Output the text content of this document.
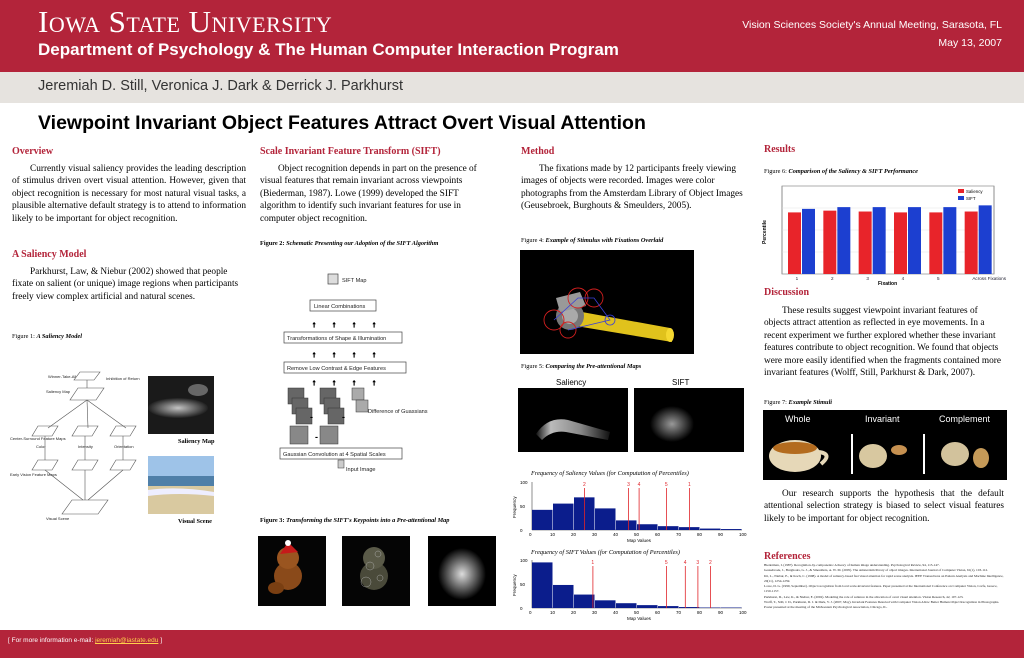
Iowa State University
Department of Psychology & The Human Computer Interaction Program
Vision Sciences Society's Annual Meeting, Sarasota, FL
May 13, 2007
Jeremiah D. Still, Veronica J. Dark & Derrick J. Parkhurst
Viewpoint Invariant Object Features Attract Overt Visual Attention
Overview
Currently visual saliency provides the leading description of stimulus driven overt visual attention. However, given that object recognition is necessary for most natural visual tasks, a plausible alternative default strategy is to attend to information likely to be important for object recognition.
A Saliency Model
Parkhurst, Law, & Niebur (2002) showed that people fixate on salient (or unique) image regions when participants freely view complex artificial and natural scenes.
Figure 1: A Saliency Model
Winner-Take-All	Inhibition of Return
Saliency Map
Center-Surround Feature Maps
Early Vision Feature Maps
Visual Scene
Color	Intensity	Orientation
Saliency Map
Visual Scene
Scale Invariant Feature Transform (SIFT)
Object recognition depends in part on the presence of visual features that remain invariant across viewpoints (Biederman, 1987). Lowe (1999) developed the SIFT algorithm to identify such invariant features for use in computer object recognition.
Figure 2: Schematic Presenting our Adoption of the SIFT Algorithm
SIFT Map
Linear Combinations
Transformations of Shape & Illumination
Remove Low Contrast & Edge Features
Difference of Guassians
Gaussian Convolution at 4 Spatial Scales
Input Image
↑ ↑ ↑ ↑
↑ ↑ ↑ ↑
↑ ↑ ↑ ↑
-	-
-
Figure 3: Transforming the SIFT's Keypoints into a Pre-attentional Map
Method
The fixations made by 12 participants freely viewing images of objects were recorded. Images were color photographs from the Amsterdam Library of Object Images (Geusebroek, Burghouts & Smeulders, 2005).
Figure 4: Example of Stimulus with Fixations Overlaid
Figure 5: Comparing the Pre-attentional Maps
Saliency	SIFT
Frequency of Saliency Values (for Computation of Percentiles)
0	10	20	30	40	50	60	70	80	90	100
0
50
100	1
2	3 4	5
Frequency
Map Values
Frequency of SIFT Values (for Computation of Percentiles)
0	10	20	30	40	50	60	70	80	90	100
0
50
100	1	2
3
4
5
Frequency
Map Values
Results
Figure 6: Comparison of the Saliency & SIFT Performance
1	2	3	4	5	Across Fixations
Percentile
Fixation
Saliency
SIFT
Discussion
These results suggest viewpoint invariant features of objects attract attention as reflected in eye movements. In a recent experiment we further explored whether these invariant features contribute to object recognition. We found that objects were more easily identified when the fragments contained more invariant features (Wolff, Still, Parkhurst & Dark, 2007).
Figure 7: Example Stimuli
Whole	Invariant	Complement
Our research supports the hypothesis that the default attentional selection strategy is biased to select visual features likely to be important for object recognition.
References
Biederman, I. (1987). Recognition-by-components: A theory of human image understanding. Psychological Review, 94, 115-147.
Geusebroek, J., Burghouts, G. J., & Smeulders, A. W. M. (2005). The Amsterdam library of object images. International Journal of Computer Vision, 61(1), 103-112.
Itti, L., Niebur, E., & Koch, C. (1998). A model of saliency-based fast visual attention for rapid scene analysis. IEEE Transactions on Pattern Analysis and Machine Intelligence, 20(11), 1254-1259.
Lowe, D. G. (1999, September). Object recognition from local scale-invariant features. Paper presented at the International Conference on Computer Vision, Corfu, Greece, 1150-1157.
Parkhurst, D., Law, K., & Niebur, E. (2002). Modeling the role of salience in the allocation of overt visual attention. Vision Research, 42, 107-123.
Wolff, T., Still, J. D., Parkhurst, D. J. & Dark, V. J. (2007, May). Invariant Features Detected with Computer Vision Allow Better Human Object Recognition in Photographs. Poster presented at the meeting of the Midwestern Psychological Association, Chicago, IL.
[ For more information e-mail: jeremiah@iastate.edu ]
